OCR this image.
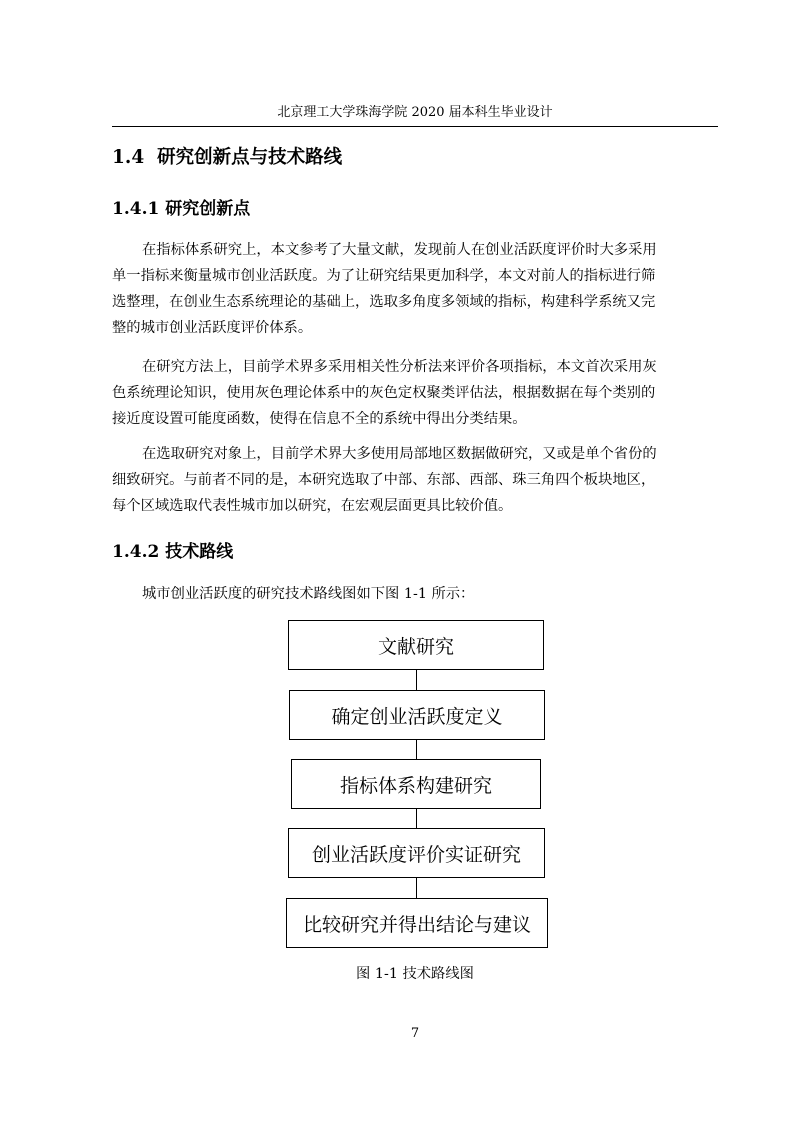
北京理工大学珠海学院 2020 届本科生毕业设计
1.4 研究创新点与技术路线
1.4.1 研究创新点
在指标体系研究上，本文参考了大量文献，发现前人在创业活跃度评价时大多采用
单一指标来衡量城市创业活跃度。为了让研究结果更加科学，本文对前人的指标进行筛
选整理，在创业生态系统理论的基础上，选取多角度多领域的指标，构建科学系统又完
整的城市创业活跃度评价体系。
在研究方法上，目前学术界多采用相关性分析法来评价各项指标，本文首次采用灰
色系统理论知识，使用灰色理论体系中的灰色定权聚类评估法，根据数据在每个类别的
接近度设置可能度函数，使得在信息不全的系统中得出分类结果。
在选取研究对象上，目前学术界大多使用局部地区数据做研究，又或是单个省份的
细致研究。与前者不同的是，本研究选取了中部、东部、西部、珠三角四个板块地区，
每个区域选取代表性城市加以研究，在宏观层面更具比较价值。
1.4.2 技术路线
城市创业活跃度的研究技术路线图如下图 1-1 所示：
文献研究
确定创业活跃度定义
指标体系构建研究
创业活跃度评价实证研究
比较研究并得出结论与建议
图 1-1 技术路线图
7
